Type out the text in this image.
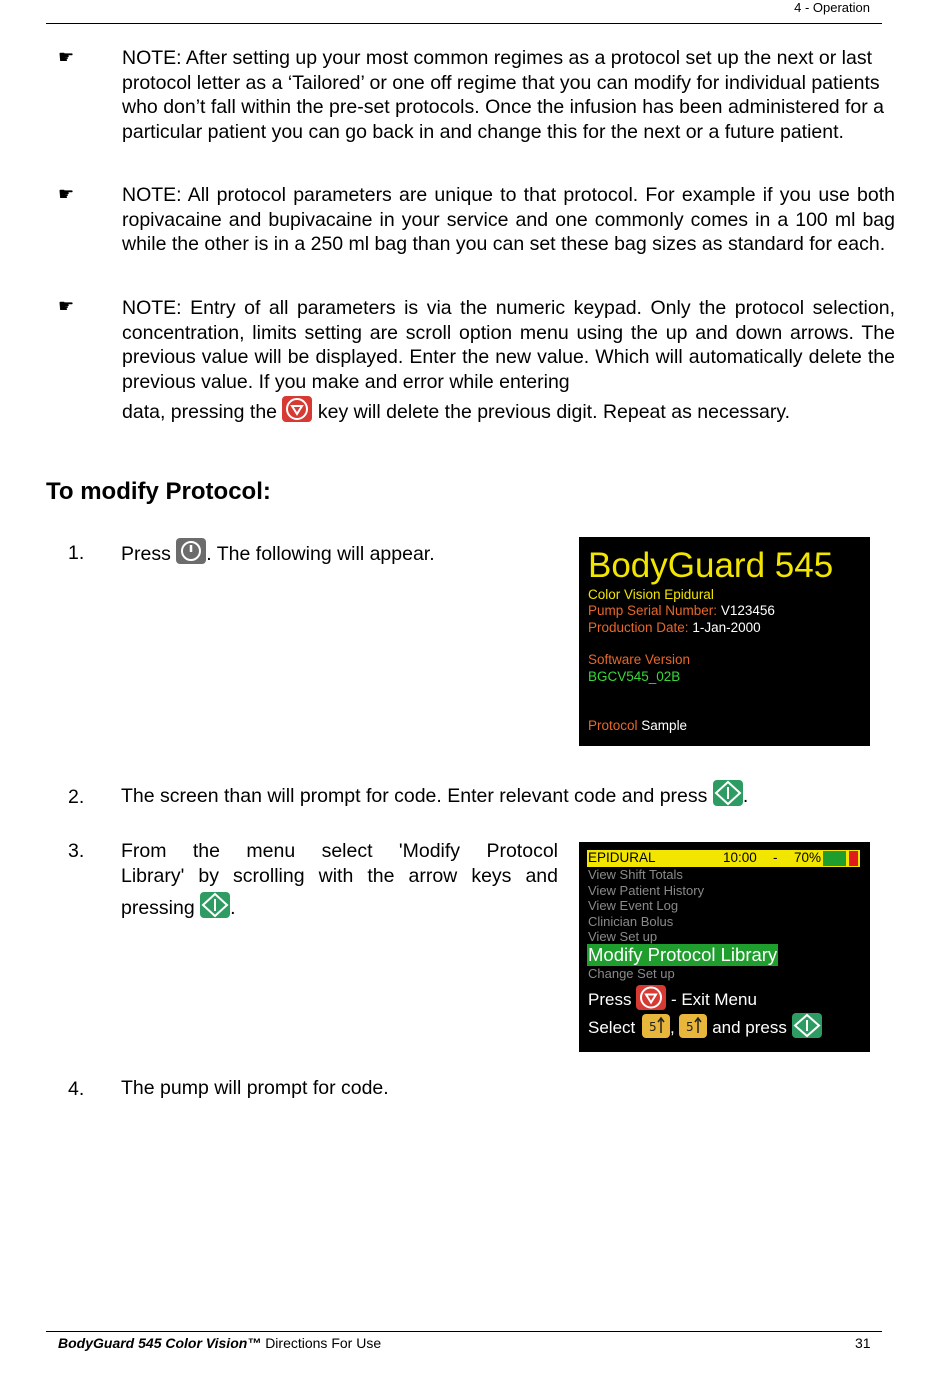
4 - Operation
☛ NOTE: After setting up your most common regimes as a protocol set up the next or last protocol letter as a ‘Tailored’ or one off regime that you can modify for individual patients who don’t fall within the pre-set protocols. Once the infusion has been administered for a particular patient you can go back in and change this for the next or a future patient.
☛ NOTE: All protocol parameters are unique to that protocol. For example if you use both ropivacaine and bupivacaine in your service and one commonly comes in a 100 ml bag while the other is in a 250 ml bag than you can set these bag sizes as standard for each.
☛ NOTE: Entry of all parameters is via the numeric keypad. Only the protocol selection, concentration, limits setting are scroll option menu using the up and down arrows. The previous value will be displayed. Enter the new value. Which will automatically delete the previous value. If you make and error while entering
data, pressing the key will delete the previous digit. Repeat as necessary.
To modify Protocol:
1. Press . The following will appear.	BodyGuard 545
Color Vision Epidural
Pump Serial Number: V123456
Production Date: 1-Jan-2000
Software Version
BGCV545_02B
Protocol Sample
2. The screen than will prompt for code. Enter relevant code and press .
3. From the menu select 'Modify Protocol
Library' by scrolling with the arrow keys and
pressing .
EPIDURAL	10:00 - 70%
View Shift Totals
View Patient History
View Event Log
Clinician Bolus
View Set up
Modify Protocol Library
Change Set up
Press - Exit Menu
Select 5 , 5 and press
4. The pump will prompt for code.
BodyGuard 545 Color Vision™ Directions For Use	31
